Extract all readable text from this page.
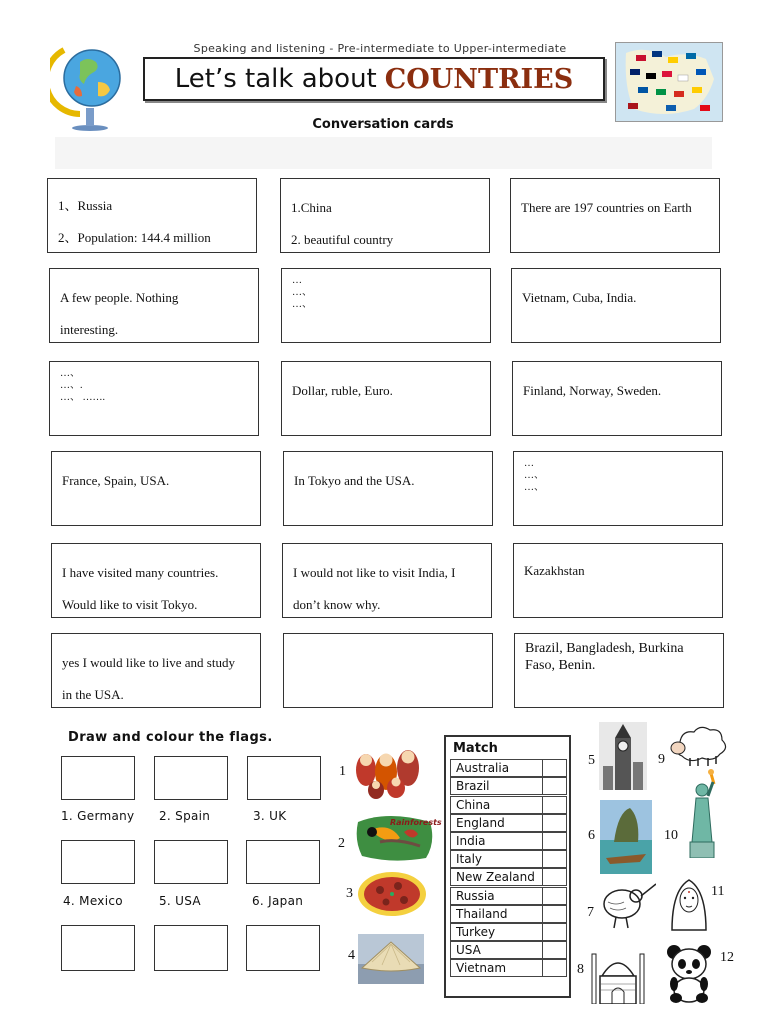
Speaking and listening - Pre-intermediate to Upper-intermediate
Let’s talk about COUNTRIES
Conversation cards
1、Russia
2、Population: 144.4 million
1.China
2. beautiful country
There are 197 countries on Earth
A few people. Nothing
interesting.
…
…、
…、	Vietnam, Cuba, India.
…、
…、.
…、 …….	Dollar, ruble, Euro.	Finland, Norway, Sweden.
France, Spain, USA.	In Tokyo and the USA.
…
…、
…、
I have visited many countries.
Would like to visit Tokyo.
I would not like to visit India, I
don’t know why.
Kazakhstan
yes I would like to live and study
in the USA.
Brazil, Bangladesh, Burkina
Faso, Benin.
Draw and colour the flags.
1. Germany 2. Spain	3. UK
4. Mexico	5. USA	6. Japan
1
2
Rainforests
3
4
Match
Australia
Brazil
China
England
India
Italy
New Zealand
Russia
Thailand
Turkey
USA
Vietnam
5
6
7
8
9
10
11
12
